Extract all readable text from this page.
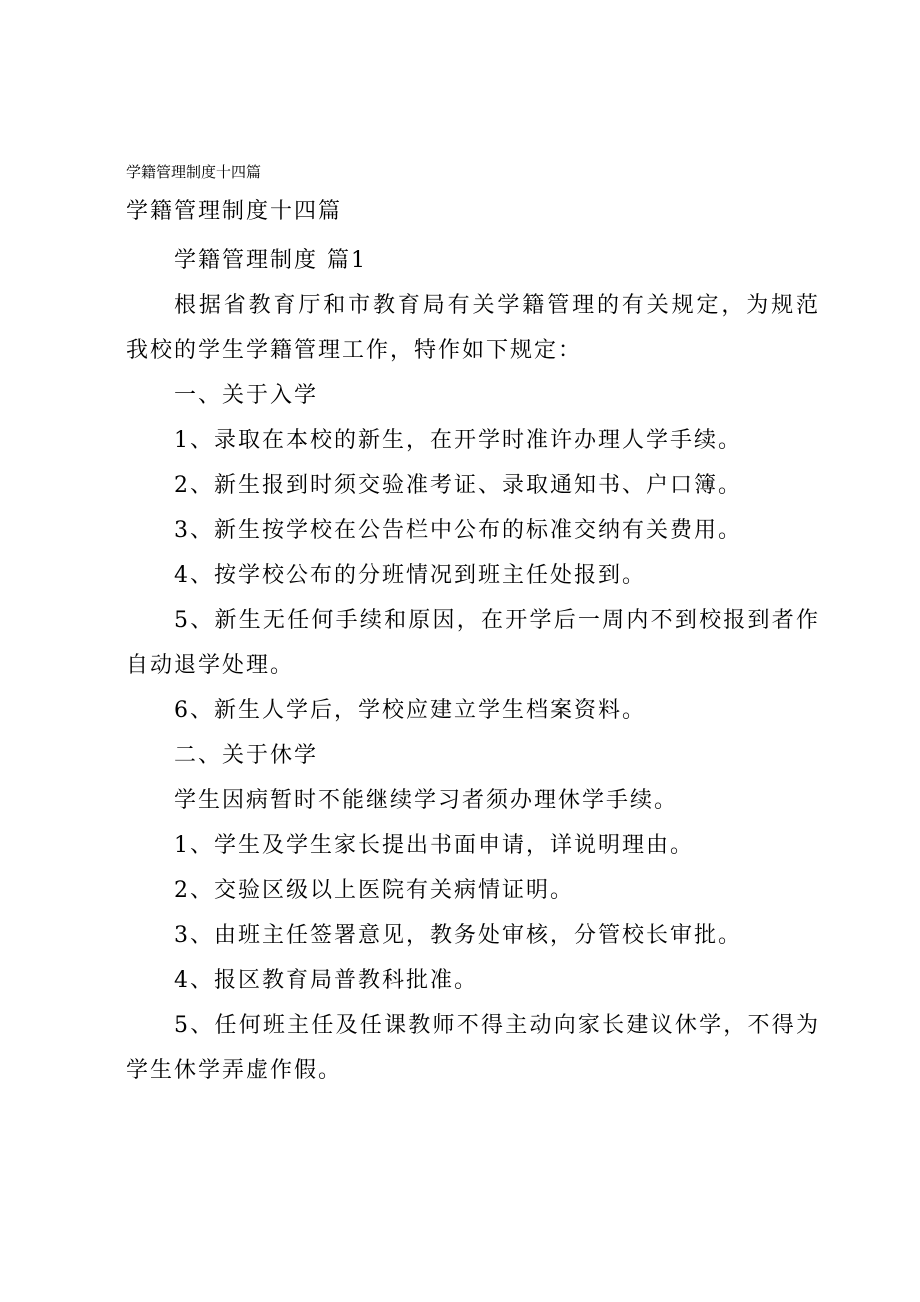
学籍管理制度十四篇
学籍管理制度十四篇

学籍管理制度 篇1

根据省教育厅和市教育局有关学籍管理的有关规定，为规范我校的学生学籍管理工作，特作如下规定：

一、关于入学

1、录取在本校的新生，在开学时准许办理人学手续。

2、新生报到时须交验准考证、录取通知书、户口簿。

3、新生按学校在公告栏中公布的标准交纳有关费用。

4、按学校公布的分班情况到班主任处报到。

5、新生无任何手续和原因，在开学后一周内不到校报到者作自动退学处理。

6、新生人学后，学校应建立学生档案资料。

二、关于休学

学生因病暂时不能继续学习者须办理休学手续。

1、学生及学生家长提出书面申请，详说明理由。

2、交验区级以上医院有关病情证明。

3、由班主任签署意见，教务处审核，分管校长审批。

4、报区教育局普教科批准。

5、任何班主任及任课教师不得主动向家长建议休学，不得为学生休学弄虚作假。
